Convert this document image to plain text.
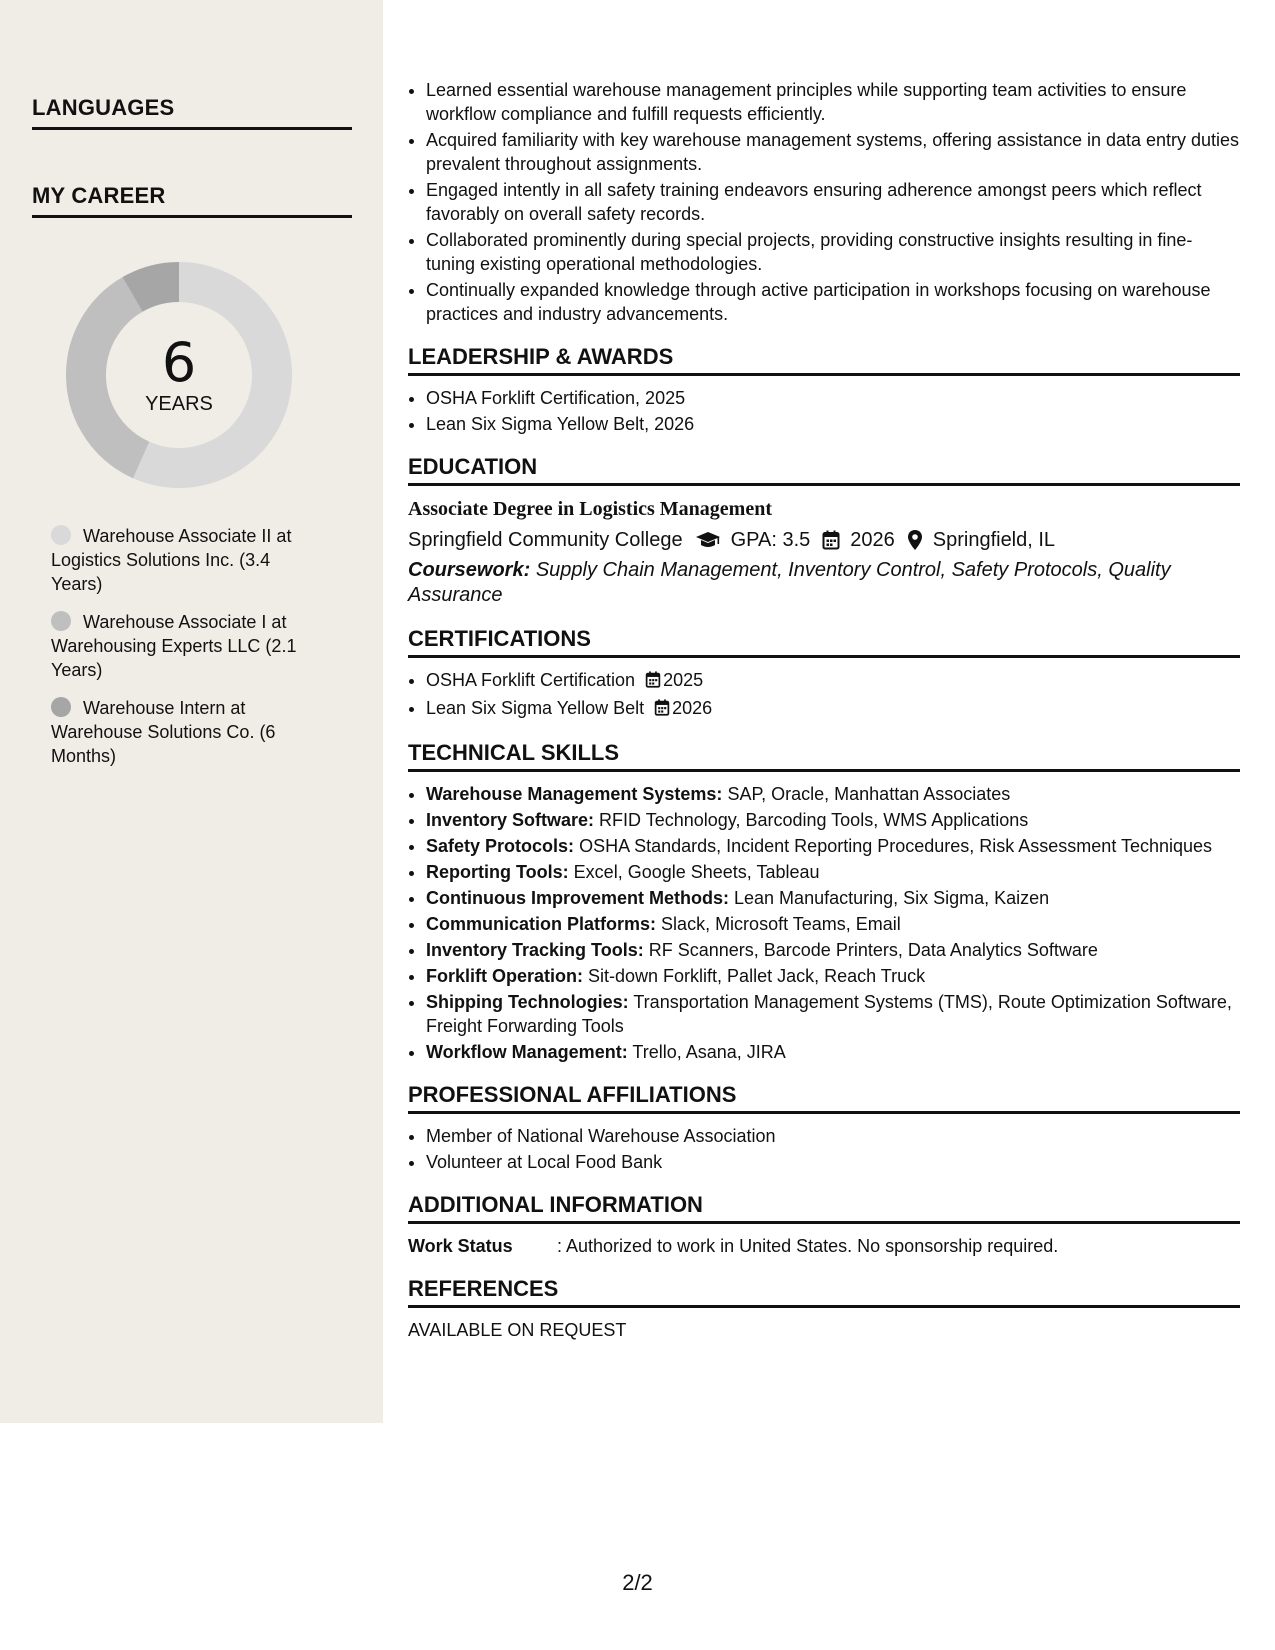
LANGUAGES
MY CAREER
6
YEARS
Warehouse Associate II at Logistics Solutions Inc. (3.4 Years)
Warehouse Associate I at Warehousing Experts LLC (2.1 Years)
Warehouse Intern at Warehouse Solutions Co. (6 Months)
• Learned essential warehouse management principles while supporting team activities to ensure workflow compliance and fulfill requests efficiently.
• Acquired familiarity with key warehouse management systems, offering assistance in data entry duties prevalent throughout assignments.
• Engaged intently in all safety training endeavors ensuring adherence amongst peers which reflect favorably on overall safety records.
• Collaborated prominently during special projects, providing constructive insights resulting in fine-tuning existing operational methodologies.
• Continually expanded knowledge through active participation in workshops focusing on warehouse practices and industry advancements.
LEADERSHIP & AWARDS
• OSHA Forklift Certification, 2025
• Lean Six Sigma Yellow Belt, 2026
EDUCATION
Associate Degree in Logistics Management
Springfield Community College GPA: 3.5 2026 Springfield, IL
Coursework: Supply Chain Management, Inventory Control, Safety Protocols, Quality Assurance
CERTIFICATIONS
• OSHA Forklift Certification 2025
• Lean Six Sigma Yellow Belt 2026
TECHNICAL SKILLS
• Warehouse Management Systems: SAP, Oracle, Manhattan Associates
• Inventory Software: RFID Technology, Barcoding Tools, WMS Applications
• Safety Protocols: OSHA Standards, Incident Reporting Procedures, Risk Assessment Techniques
• Reporting Tools: Excel, Google Sheets, Tableau
• Continuous Improvement Methods: Lean Manufacturing, Six Sigma, Kaizen
• Communication Platforms: Slack, Microsoft Teams, Email
• Inventory Tracking Tools: RF Scanners, Barcode Printers, Data Analytics Software
• Forklift Operation: Sit-down Forklift, Pallet Jack, Reach Truck
• Shipping Technologies: Transportation Management Systems (TMS), Route Optimization Software, Freight Forwarding Tools
• Workflow Management: Trello, Asana, JIRA
PROFESSIONAL AFFILIATIONS
• Member of National Warehouse Association
• Volunteer at Local Food Bank
ADDITIONAL INFORMATION
Work Status	: Authorized to work in United States. No sponsorship required.
REFERENCES
AVAILABLE ON REQUEST
2/2
